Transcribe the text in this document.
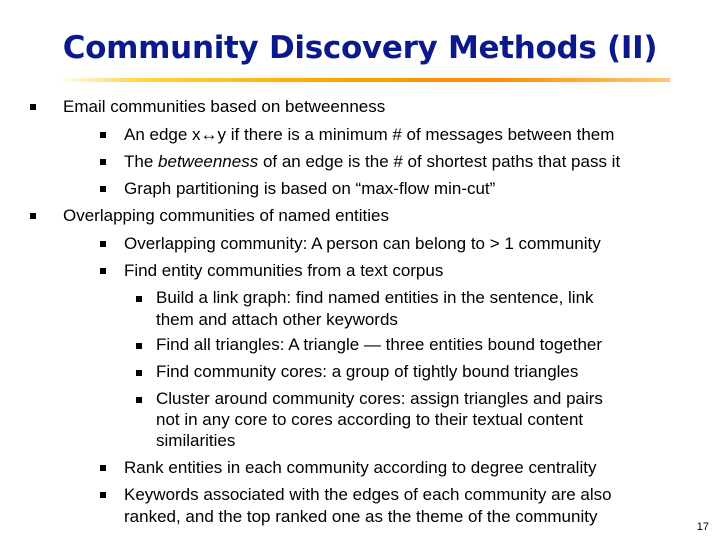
Community Discovery Methods (II)
Email communities based on betweenness
An edge x↔y if there is a minimum # of messages between them
The betweenness of an edge is the # of shortest paths that pass it
Graph partitioning is based on “max-flow min-cut”
Overlapping communities of named entities
Overlapping community: A person can belong to > 1 community
Find entity communities from a text corpus
Build a link graph: find named entities in the sentence, link
them and attach other keywords
Find all triangles: A triangle — three entities bound together
Find community cores: a group of tightly bound triangles
Cluster around community cores: assign triangles and pairs
not in any core to cores according to their textual content
similarities
Rank entities in each community according to degree centrality
Keywords associated with the edges of each community are also
ranked, and the top ranked one as the theme of the community
17
